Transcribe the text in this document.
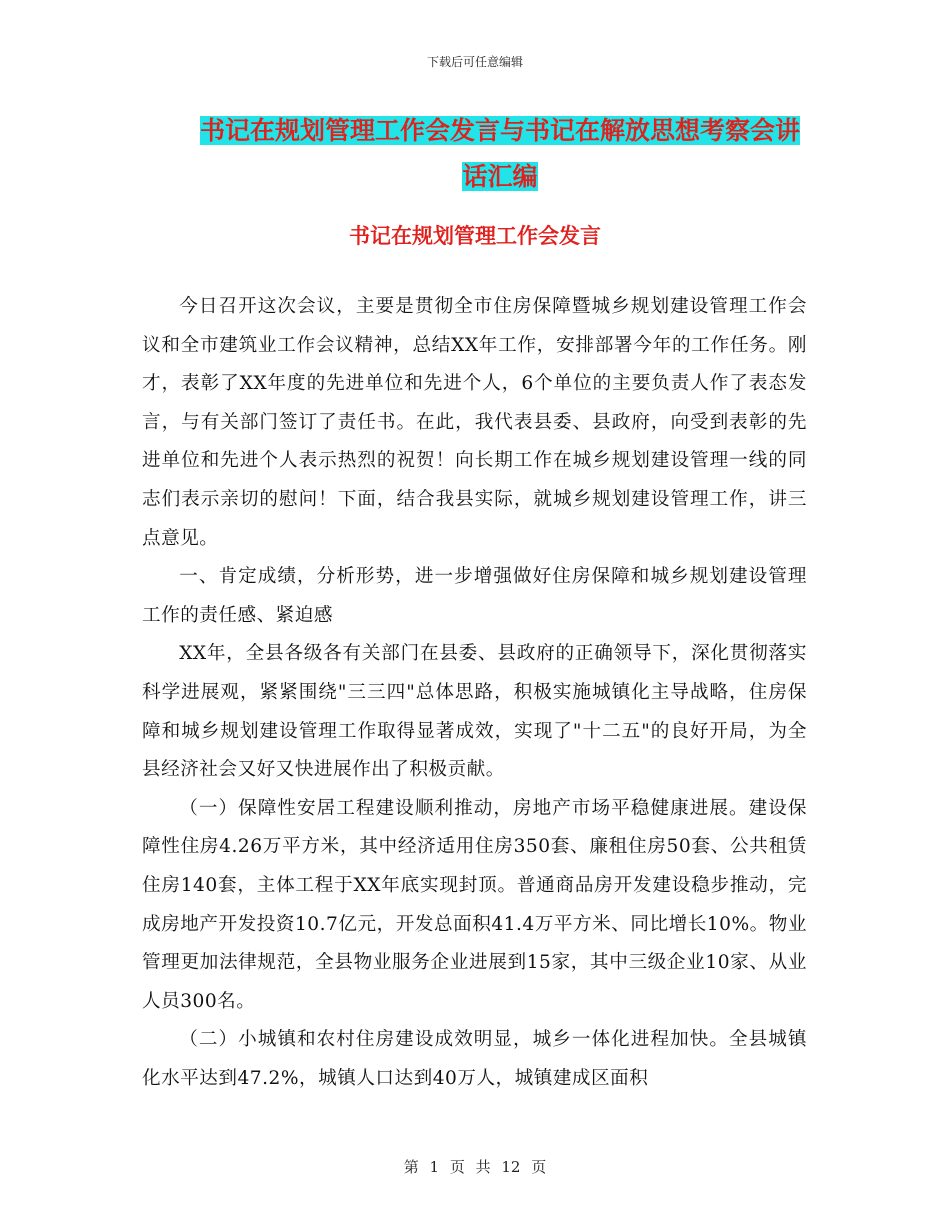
下载后可任意编辑
书记在规划管理工作会发言与书记在解放思想考察会讲话汇编
书记在规划管理工作会发言

今日召开这次会议，主要是贯彻全市住房保障暨城乡规划建设管理工作会议和全市建筑业工作会议精神，总结XX年工作，安排部署今年的工作任务。刚才，表彰了XX年度的先进单位和先进个人，6个单位的主要负责人作了表态发言，与有关部门签订了责任书。在此，我代表县委、县政府，向受到表彰的先进单位和先进个人表示热烈的祝贺！向长期工作在城乡规划建设管理一线的同志们表示亲切的慰问！下面，结合我县实际，就城乡规划建设管理工作，讲三点意见。

一、肯定成绩，分析形势，进一步增强做好住房保障和城乡规划建设管理工作的责任感、紧迫感

XX年，全县各级各有关部门在县委、县政府的正确领导下，深化贯彻落实科学进展观，紧紧围绕"三三四"总体思路，积极实施城镇化主导战略，住房保障和城乡规划建设管理工作取得显著成效，实现了"十二五"的良好开局，为全县经济社会又好又快进展作出了积极贡献。

（一）保障性安居工程建设顺利推动，房地产市场平稳健康进展。建设保障性住房4.26万平方米，其中经济适用住房350套、廉租住房50套、公共租赁住房140套，主体工程于XX年底实现封顶。普通商品房开发建设稳步推动，完成房地产开发投资10.7亿元，开发总面积41.4万平方米、同比增长10%。物业管理更加法律规范，全县物业服务企业进展到15家，其中三级企业10家、从业人员300名。

（二）小城镇和农村住房建设成效明显，城乡一体化进程加快。全县城镇化水平达到47.2%，城镇人口达到40万人，城镇建成区面积

第 1 页 共 12 页
